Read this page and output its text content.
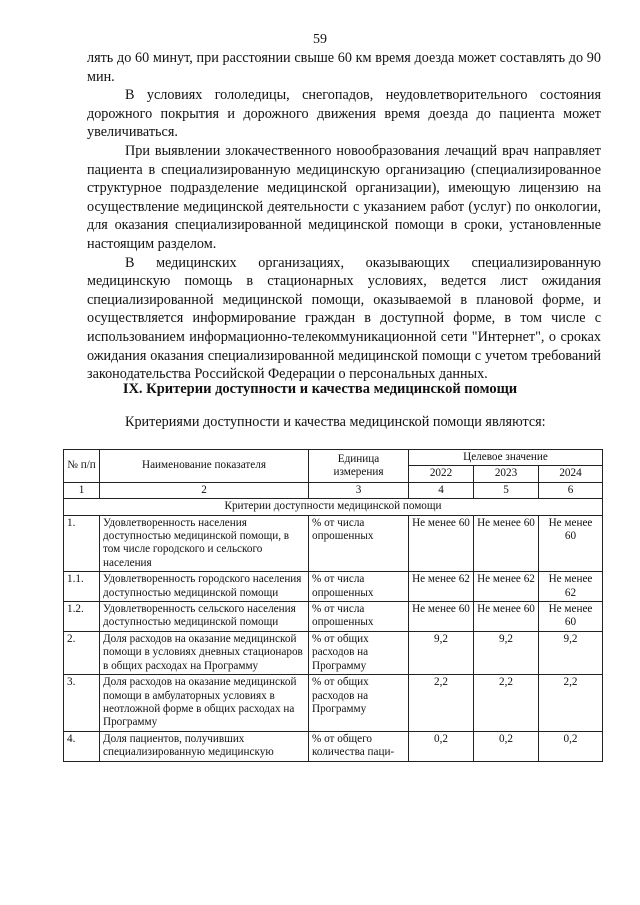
59

лять до 60 минут, при расстоянии свыше 60 км время доезда может составлять до 90 мин.

В условиях гололедицы, снегопадов, неудовлетворительного состояния дорожного покрытия и дорожного движения время доезда до пациента может увеличиваться.

При выявлении злокачественного новообразования лечащий врач направляет пациента в специализированную медицинскую организацию (специализированное структурное подразделение медицинской организации), имеющую лицензию на осуществление медицинской деятельности с указанием работ (услуг) по онкологии, для оказания специализированной медицинской помощи в сроки, установленные настоящим разделом.

В медицинских организациях, оказывающих специализированную медицинскую помощь в стационарных условиях, ведется лист ожидания специализированной медицинской помощи, оказываемой в плановой форме, и осуществляется информирование граждан в доступной форме, в том числе с использованием информационно-телекоммуникационной сети "Интернет", о сроках ожидания оказания специализированной медицинской помощи с учетом требований законодательства Российской Федерации о персональных данных.

IX. Критерии доступности и качества медицинской помощи
Критериями доступности и качества медицинской помощи являются:
№ п/п	Наименование показателя	Единица измерения	Целевое значение		
			2022	2023	2024
1	2	3	4	5	6
Критерии доступности медицинской помощи					
1.	Удовлетворенность населения доступностью медицинской помощи, в том числе городского и сельского населения	% от числа опрошенных	Не менее 60	Не менее 60	Не менее 60
1.1.	Удовлетворенность городского населения доступностью медицинской помощи	% от числа опрошенных	Не менее 62	Не менее 62	Не менее 62
1.2.	Удовлетворенность сельского населения доступностью медицинской помощи	% от числа опрошенных	Не менее 60	Не менее 60	Не менее 60
2.	Доля расходов на оказание медицинской помощи в условиях дневных стационаров в общих расходах на Программу	% от общих расходов на Программу	9,2	9,2	9,2
3.	Доля расходов на оказание медицинской помощи в амбулаторных условиях в неотложной форме в общих расходах на Программу	% от общих расходов на Программу	2,2	2,2	2,2
4.	Доля пациентов, получивших специализированную медицинскую	% от общего количества паци-	0,2	0,2	0,2
